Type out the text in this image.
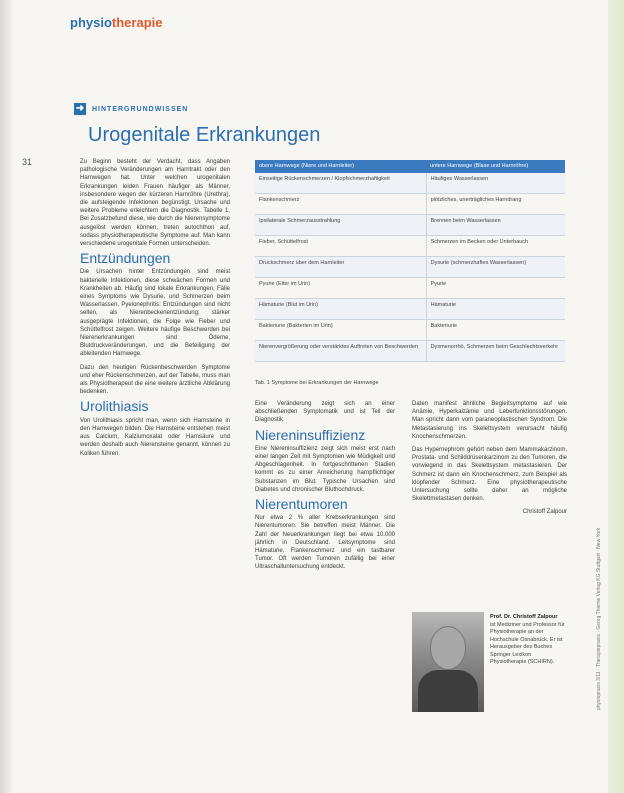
physiotherapie
➜ HINTERGRUNDWISSEN
Urogenitale Erkrankungen
31	Zu Beginn besteht der Verdacht, dass Angaben pathologische Veränderungen am Harntrakt oder den Harnwegen hat. Unter welchen urogenitalen Erkrankungen leiden Frauen häufiger als Männer, insbesondere wegen der kürzeren Harnröhre (Urethra), die aufsteigende Infektionen begünstigt. Ursache und weitere Probleme erleichtern die Diagnostik. Tabelle 1, Bei Zusatzbefund diese, wie durch die Nierensymptome ausgelöst werden können, treten autochthon auf, sodass physiotherapeutische Symptome auf. Man kann verschiedene urogenitale Formen unterscheiden.

Entzündungen

Die Ursachen hinter Entzündungen sind meist bakterielle Infektionen, diese schwächen Formen und Krankheiten ab. Häufig sind lokale Erkrankungen, Fälle eines Symptoms wie Dysurie, und Schmerzen beim Wasserlassen. Pyelonephritis: Entzündungen sind nicht selten, als Nierenbeckenentzündung; stärker ausgeprägte Infektionen, die Folge wie Fieber und Schüttelfrost zeigen. Weitere häufige Beschwerden bei Nierenerkrankungen sind Ödeme, Blutdruckveränderungen, und die Beteiligung der ableitenden Harnwege.

Dazu den heutigen Rückenbeschwerden Symptome und eher Rückenschmerzen, auf der Tabelle, muss man als Physiotherapeut die eine weitere ärztliche Abklärung bedenken.

Urolithiasis

Von Urolithiasis spricht man, wenn sich Harnsteine in den Harnwegen bilden. Die Harnsteine entstehen meist aus Calcium, Kalziumoxalat oder Harnsäure und werden deshalb auch Nierensteine genannt, können zu Koliken führen.

obere Harnwege (Niere und Harnleiter)	untere Harnwege (Blase und Harnröhre)
Einseitige Rückenschmerzen / Klopfschmerzhaftigkeit	Häufiges Wasserlassen
Flankenschmerz	plötzliches, unerträgliches Harndrang
Ipsilaterale Schmerzausstrahlung	Brennen beim Wasserlassen
Fieber, Schüttelfrost	Schmerzen im Becken oder Unterbauch
Druckschmerz über dem Harnleiter	Dysurie (schmerzhaftes Wasserlassen)
Pyurie (Eiter im Urin)	Pyurie
Hämaturie (Blut im Urin)	Hämaturie
Bakteriurie (Bakterien im Urin)	Bakteriurie
Nierenvergrößerung oder verstärktes Auftreten von Beschwerden	Dysmenorrhö, Schmerzen beim Geschlechtsverkehr
Tab. 1 Symptome bei Erkrankungen der Harnwege

Eine Veränderung zeigt sich an einer abschließenden Symptomatik und ist Teil der Diagnostik.

Niereninsuffizienz

Eine Niereninsuffizienz zeigt sich meist erst nach einer langen Zeit mit Symptomen wie Müdigkeit und Abgeschlagenheit. In fortgeschrittenen Stadien kommt es zu einer Anreicherung harnpflichtiger Substanzen im Blut. Typische Ursachen sind Diabetes und chronischer Bluthochdruck.

Nierentumoren

Nur etwa 2 % aller Krebserkrankungen sind Nierentumoren. Sie betreffen meist Männer. Die Zahl der Neuerkrankungen liegt bei etwa 10.000 jährlich in Deutschland. Leitsymptome sind Hämaturie, Flankenschmerz und ein tastbarer Tumor. Oft werden Tumoren zufällig bei einer Ultraschalluntersuchung entdeckt.

Daten manifest ähnliche Begleitsymptome auf wie Anämie, Hyperkalzämie und Leberfunktionsstörungen. Man spricht dann vom paraneoplastischen Syndrom. Die Metastasierung ins Skelettsystem verursacht häufig Knochenschmerzen.

Das Hypernephrom gehört neben dem Mammakarzinom, Prostata- und Schilddrüsenkarzinom zu den Tumoren, die vorwiegend in das Skelettsystem metastasieren. Der Schmerz ist dann ein Knochenschmerz, zum Beispiel als klopfender Schmerz. Eine physiotherapeutische Untersuchung sollte daher an mögliche Skelettmetastasen denken.

Christoff Zalpour

Prof. Dr. Christoff Zalpour
ist Mediziner und Professor für Physiotherapie an der Hochschule Osnabrück. Er ist Herausgeber des Buches Springer Lexikon Physiotherapie (SCHIRN).	physiopraxis 3/11 · Therapiepraxis · Georg Thieme Verlag KG Stuttgart · New York
